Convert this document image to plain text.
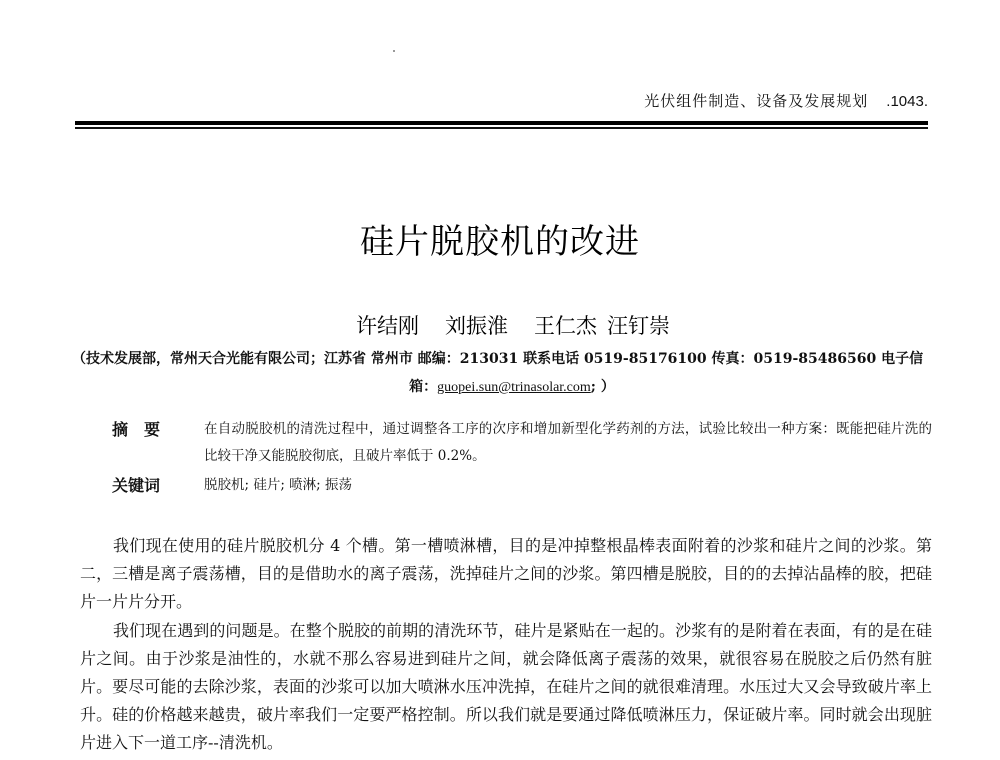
光伏组件制造、设备及发展规划 .1043.
硅片脱胶机的改进
许结刚 刘振淮 王仁杰 汪钉崇
（技术发展部，常州天合光能有限公司；江苏省 常州市 邮编：213031 联系电话 0519-85176100 传真：0519-85486560 电子信
箱：guopei.sun@trinasolar.com; ）
摘要	在自动脱胶机的清洗过程中，通过调整各工序的次序和增加新型化学药剂的方法，试验比较出一种方案：既能把硅片洗的比较干净又能脱胶彻底，且破片率低于 0.2%。
关键词	脱胶机; 硅片; 喷淋; 振荡

我们现在使用的硅片脱胶机分 4 个槽。第一槽喷淋槽，目的是冲掉整根晶棒表面附着的沙浆和硅片之间的沙浆。第二，三槽是离子震荡槽，目的是借助水的离子震荡，洗掉硅片之间的沙浆。第四槽是脱胶，目的的去掉沾晶棒的胶，把硅片一片片分开。

我们现在遇到的问题是。在整个脱胶的前期的清洗环节，硅片是紧贴在一起的。沙浆有的是附着在表面，有的是在硅片之间。由于沙浆是油性的，水就不那么容易进到硅片之间，就会降低离子震荡的效果，就很容易在脱胶之后仍然有脏片。要尽可能的去除沙浆，表面的沙浆可以加大喷淋水压冲洗掉，在硅片之间的就很难清理。水压过大又会导致破片率上升。硅的价格越来越贵，破片率我们一定要严格控制。所以我们就是要通过降低喷淋压力，保证破片率。同时就会出现脏片进入下一道工序--清洗机。
